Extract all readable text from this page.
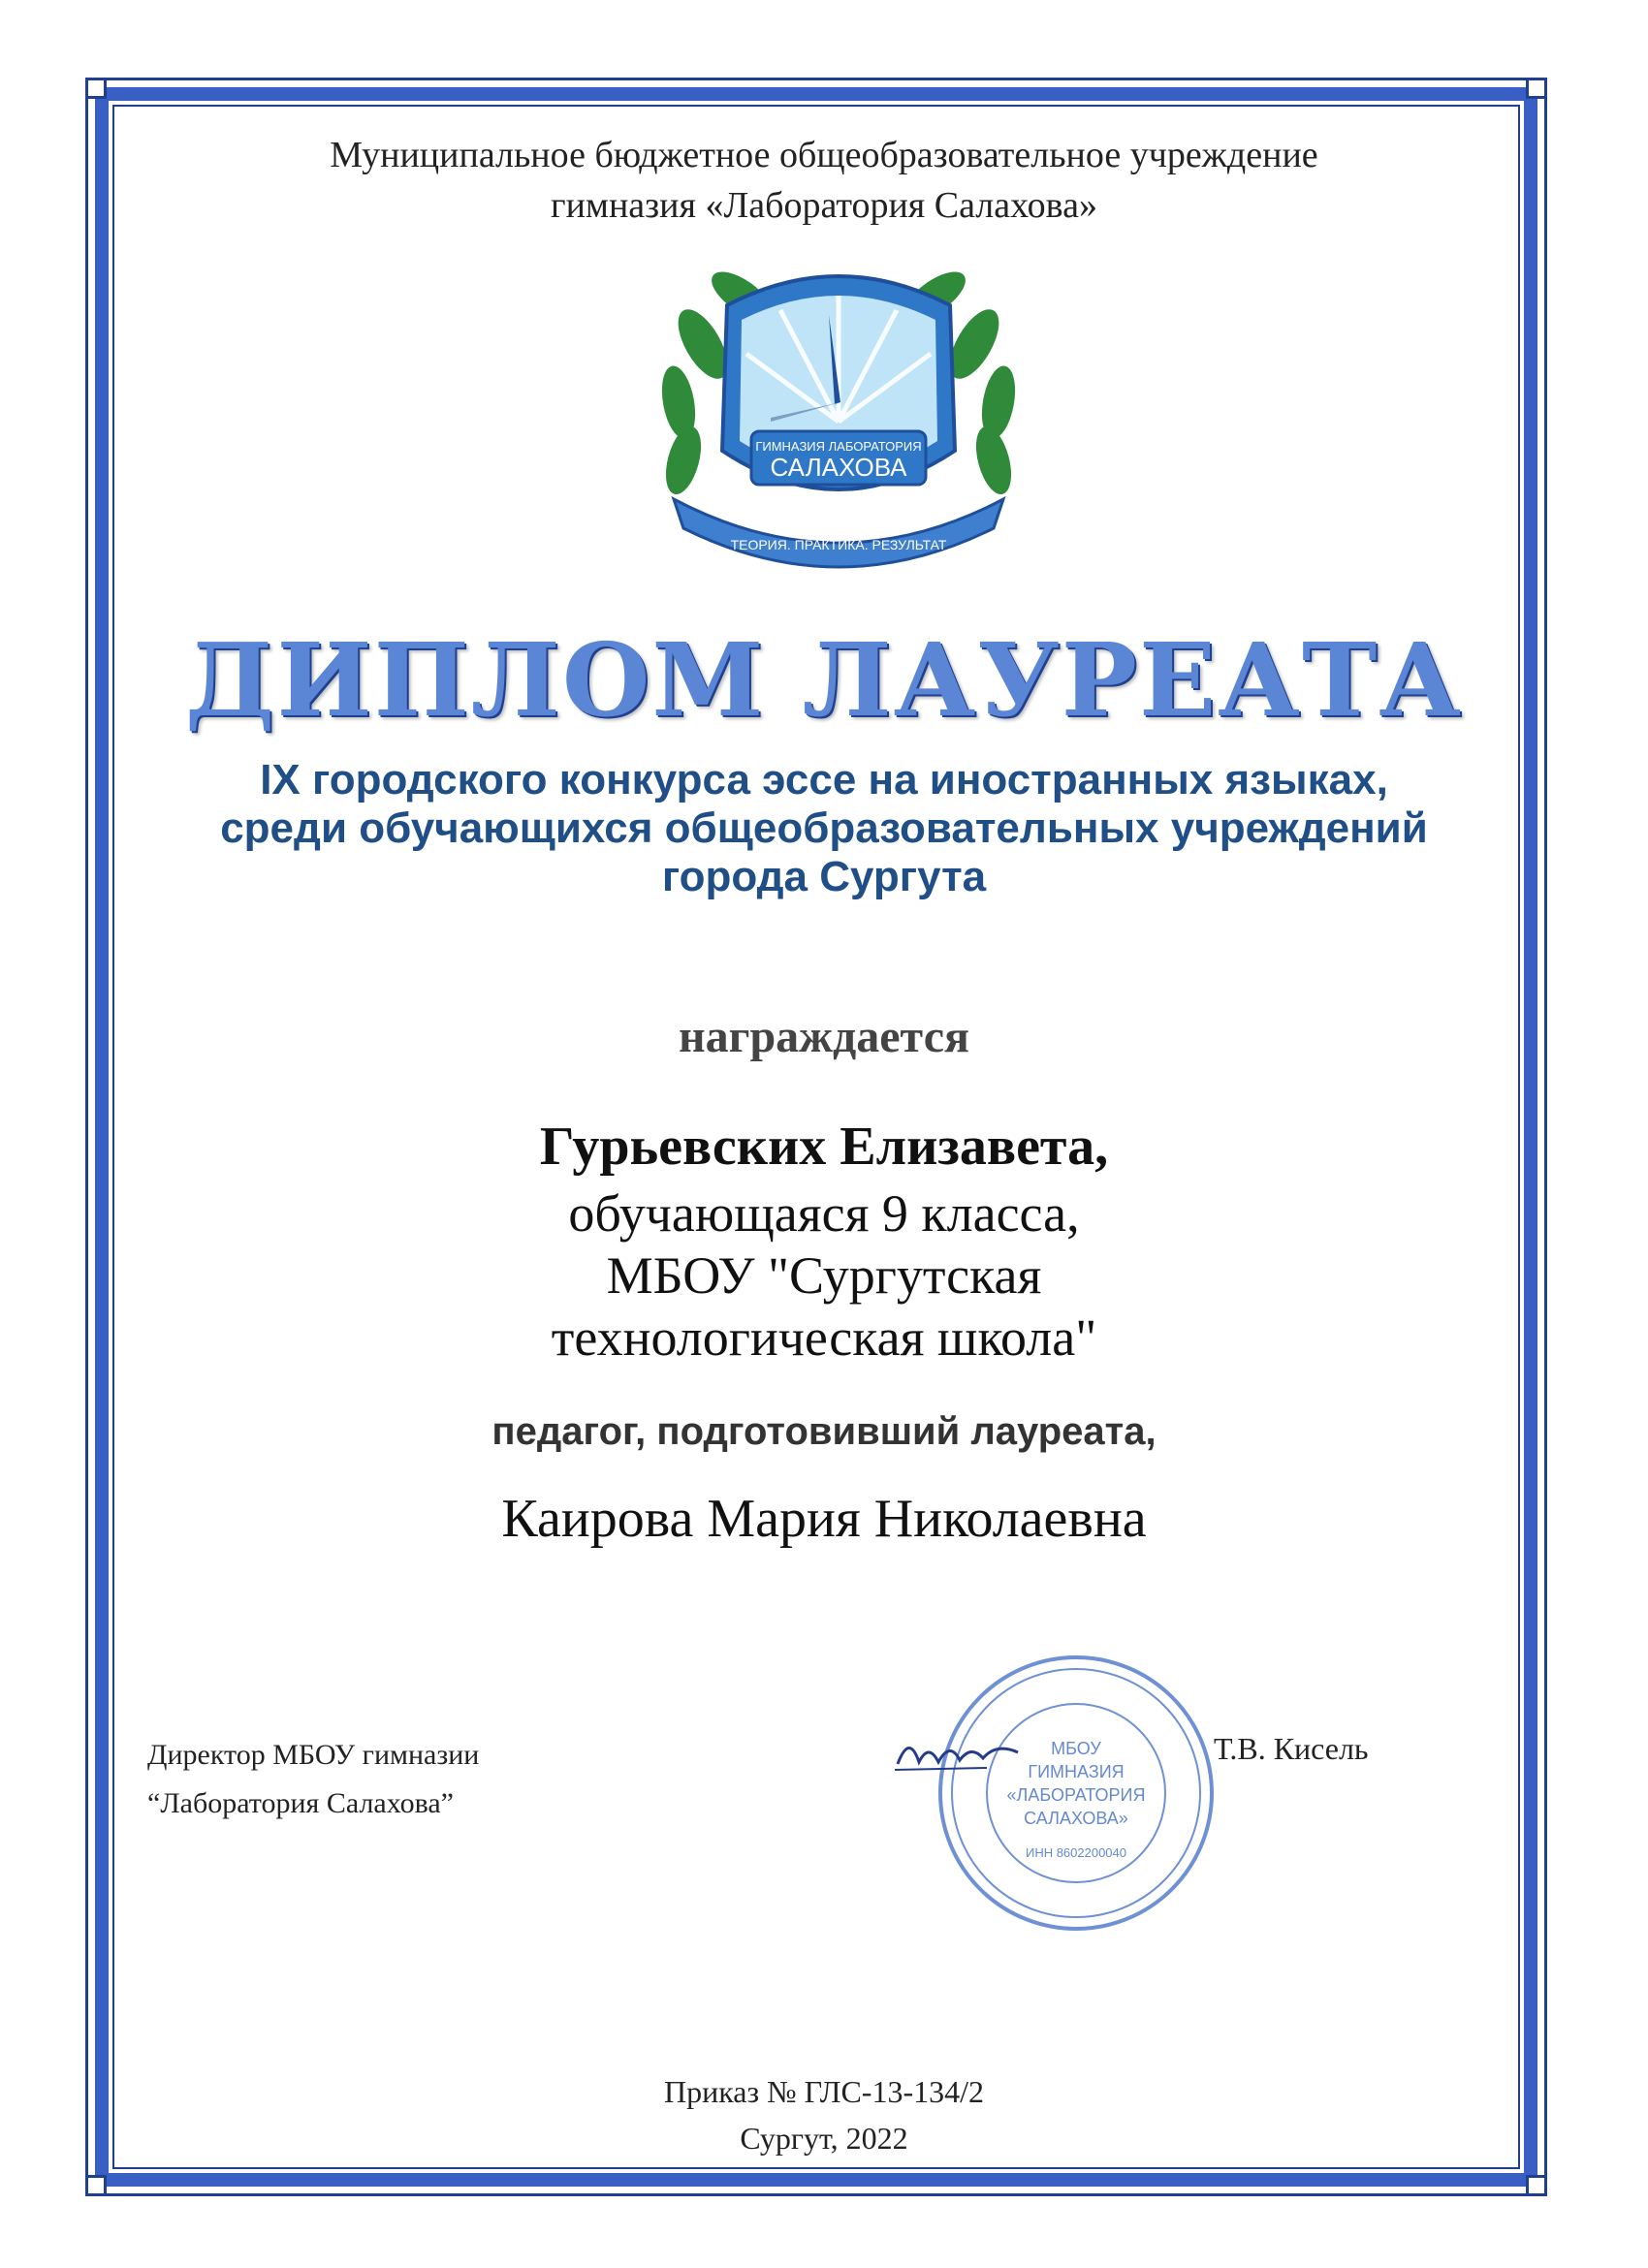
Муниципальное бюджетное общеобразовательное учреждение
гимназия «Лаборатория Салахова»
ГИМНАЗИЯ ЛАБОРАТОРИЯ
САЛАХОВА
ТЕОРИЯ. ПРАКТИКА. РЕЗУЛЬТАТ
ДИПЛОМ ЛАУРЕАТА
IX городского конкурса эссе на иностранных языках,
среди обучающихся общеобразовательных учреждений
города Сургута
награждается
Гурьевских Елизавета,
обучающаяся 9 класса,
МБОУ "Сургутская
технологическая школа"
педагог, подготовивший лауреата,
Каирова Мария Николаевна
Директор МБОУ гимназии
“Лаборатория Салахова”
МБОУ
ГИМНАЗИЯ
«ЛАБОРАТОРИЯ
САЛАХОВА»
ИНН 8602200040
Т.В. Кисель
Приказ № ГЛС-13-134/2
Сургут, 2022
